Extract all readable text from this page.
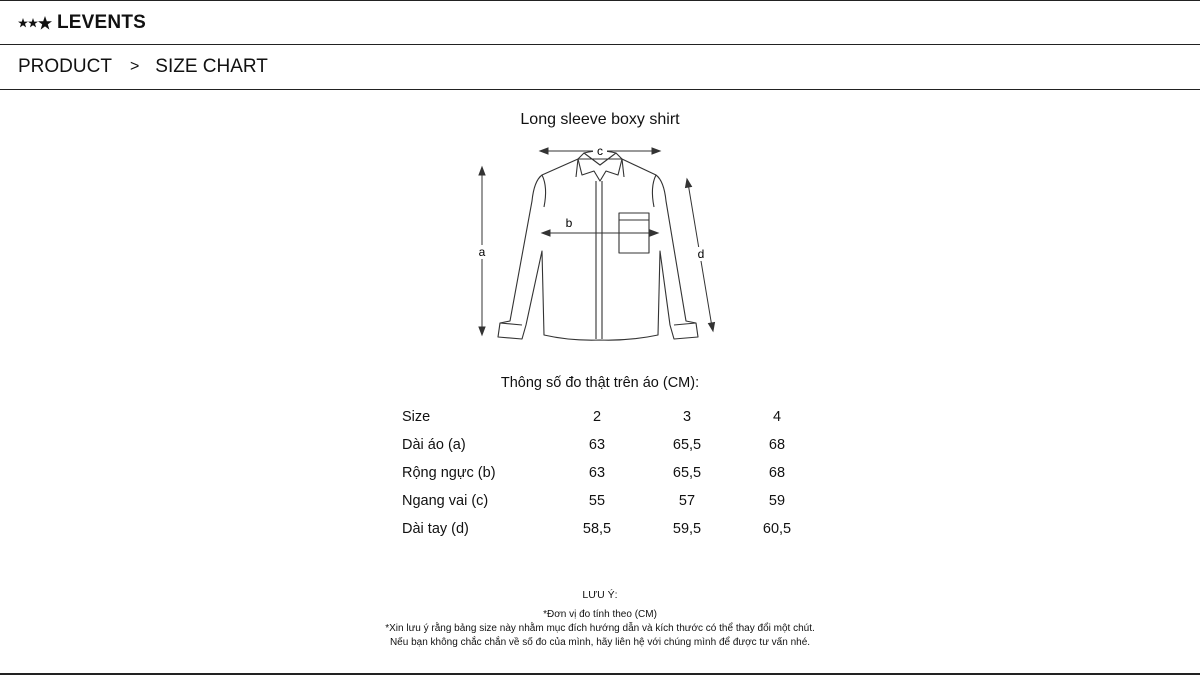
LEVENTS
PRODUCT > SIZE CHART
Long sleeve boxy shirt
a
b
c
d
Thông số đo thật trên áo (CM):
Size	2	3	4
Dài áo (a)	63	65,5	68
Rộng ngực (b)	63	65,5	68
Ngang vai (c)	55	57	59
Dài tay (d)	58,5	59,5	60,5
LƯU Ý:
*Đơn vị đo tính theo (CM)
*Xin lưu ý rằng bảng size này nhằm mục đích hướng dẫn và kích thước có thể thay đổi một chút.
Nếu bạn không chắc chắn về số đo của mình, hãy liên hệ với chúng mình để được tư vấn nhé.
